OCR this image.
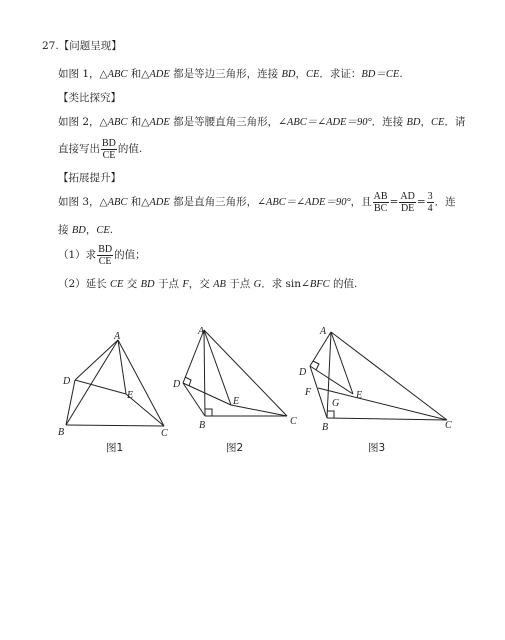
27.【问题呈现】
如图 1，△ABC 和△ADE 都是等边三角形，连接 BD，CE．求证：BD＝CE.
【类比探究】
如图 2，△ABC 和△ADE 都是等腰直角三角形，∠ABC＝∠ADE＝90°．连接 BD，CE．请
直接写出 $\frac{BD}{CE}$ 的值.
【拓展提升】
如图 3，△ABC 和△ADE 都是直角三角形，∠ABC＝∠ADE＝90°，且 $\frac{AB}{BC} = \frac{AD}{DE} = \frac{3}{4}$ ．连
接 BD，CE.
（1）求 $\frac{BD}{CE}$ 的值；
（2）延长 CE 交 BD 于点 F，交 AB 于点 G．求 sin∠BFC 的值.
A
B	C
D
E
图1
A
B	C
D
E
图2
A
B	C
D
E
F
G
图3
